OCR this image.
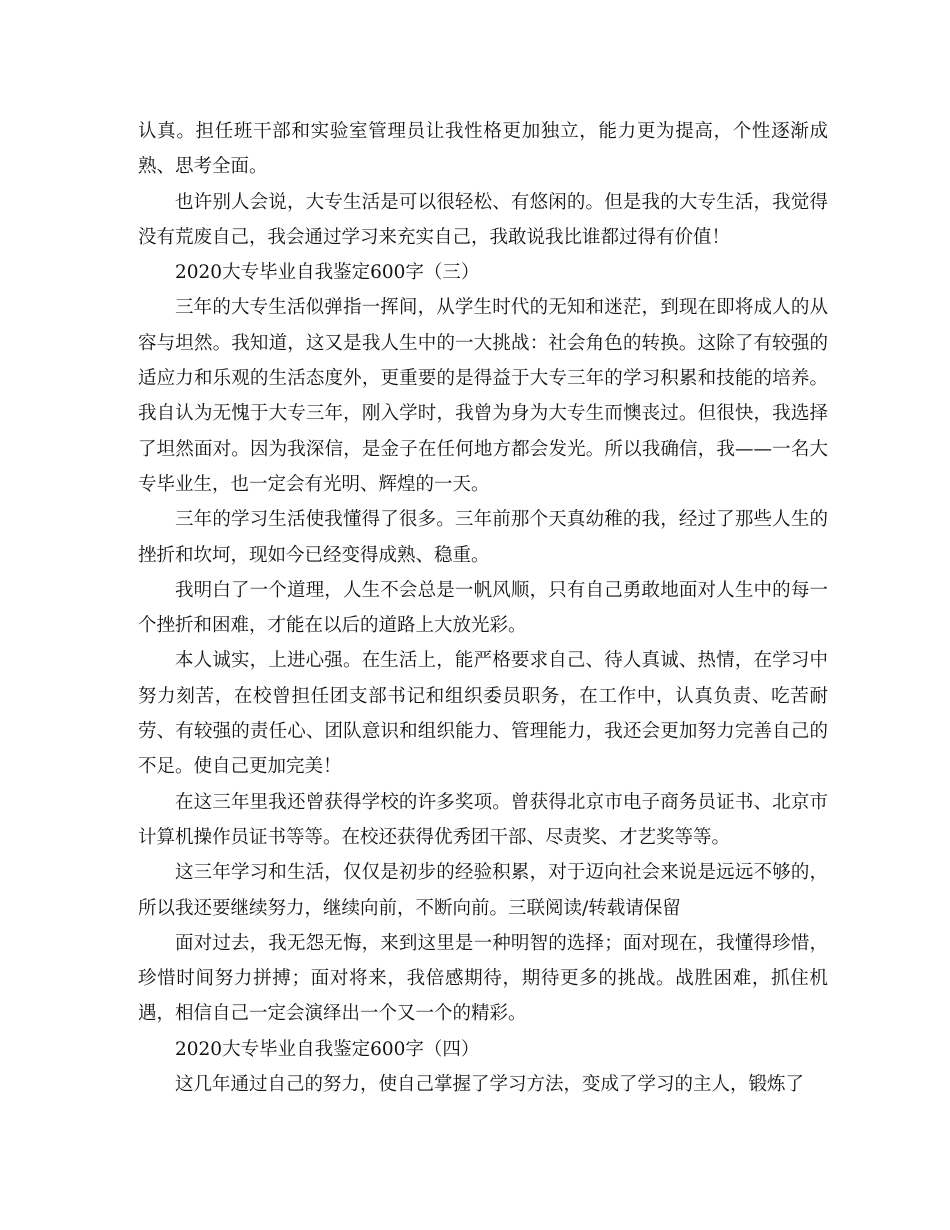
认真。担任班干部和实验室管理员让我性格更加独立，能力更为提高，个性逐渐成熟、思考全面。

也许别人会说，大专生活是可以很轻松、有悠闲的。但是我的大专生活，我觉得没有荒废自己，我会通过学习来充实自己，我敢说我比谁都过得有价值！

2020大专毕业自我鉴定600字（三）

三年的大专生活似弹指一挥间，从学生时代的无知和迷茫，到现在即将成人的从容与坦然。我知道，这又是我人生中的一大挑战：社会角色的转换。这除了有较强的适应力和乐观的生活态度外，更重要的是得益于大专三年的学习积累和技能的培养。 我自认为无愧于大专三年，刚入学时，我曾为身为大专生而懊丧过。但很快，我选择了坦然面对。因为我深信，是金子在任何地方都会发光。所以我确信，我——一名大专毕业生，也一定会有光明、辉煌的一天。

三年的学习生活使我懂得了很多。三年前那个天真幼稚的我，经过了那些人生的挫折和坎坷，现如今已经变得成熟、稳重。

我明白了一个道理，人生不会总是一帆风顺，只有自己勇敢地面对人生中的每一个挫折和困难，才能在以后的道路上大放光彩。

本人诚实，上进心强。在生活上，能严格要求自己、待人真诚、热情，在学习中努力刻苦，在校曾担任团支部书记和组织委员职务，在工作中，认真负责、吃苦耐劳、有较强的责任心、团队意识和组织能力、管理能力，我还会更加努力完善自己的不足。使自己更加完美！

在这三年里我还曾获得学校的许多奖项。曾获得北京市电子商务员证书、北京市计算机操作员证书等等。在校还获得优秀团干部、尽责奖、才艺奖等等。

这三年学习和生活，仅仅是初步的经验积累，对于迈向社会来说是远远不够的，所以我还要继续努力，继续向前，不断向前。三联阅读/转载请保留

面对过去，我无怨无悔，来到这里是一种明智的选择；面对现在，我懂得珍惜，珍惜时间努力拼搏；面对将来，我倍感期待，期待更多的挑战。战胜困难，抓住机遇，相信自己一定会演绎出一个又一个的精彩。

2020大专毕业自我鉴定600字（四）

这几年通过自己的努力，使自己掌握了学习方法，变成了学习的主人，锻炼了
